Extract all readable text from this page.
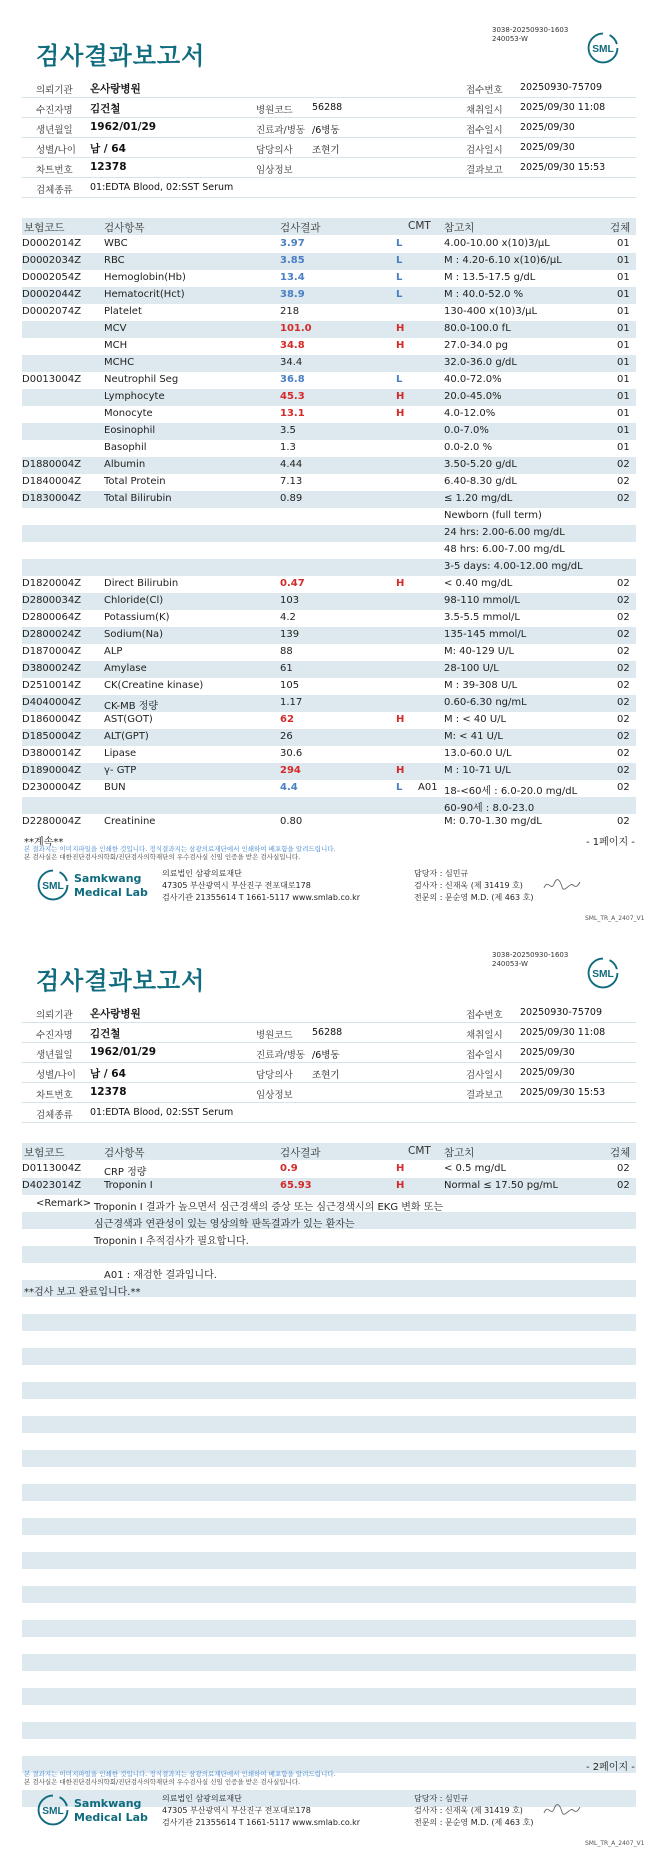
검사결과보고서
3038-20250930-1603
240053-W
SML
의뢰기관 온사랑병원	접수번호 20250930-75709
수진자명 김건철	병원코드 56288	채취일시 2025/09/30 11:08
생년월일 1962/01/29	진료과/병동 /6병동	접수일시 2025/09/30
성별/나이 남 / 64	담당의사 조현기	검사일시 2025/09/30
차트번호 12378	임상정보	결과보고 2025/09/30 15:53
검체종류 01:EDTA Blood, 02:SST Serum
보험코드	검사항목	검사결과	CMT 참고치	검체
D0002014Z WBC	3.97	L	4.00-10.00 x(10)3/μL	01
D0002034Z RBC	3.85	L	M : 4.20-6.10 x(10)6/μL	01
D0002054Z Hemoglobin(Hb)	13.4	L	M : 13.5-17.5 g/dL	01
D0002044Z Hematocrit(Hct)	38.9	L	M : 40.0-52.0 %	01
D0002074Z Platelet	218	130-400 x(10)3/μL	01
MCV	101.0	H	80.0-100.0 fL	01
MCH	34.8	H	27.0-34.0 pg	01
MCHC	34.4	32.0-36.0 g/dL	01
D0013004Z Neutrophil Seg	36.8	L	40.0-72.0%	01
Lymphocyte	45.3	H	20.0-45.0%	01
Monocyte	13.1	H	4.0-12.0%	01
Eosinophil	3.5	0.0-7.0%	01
Basophil	1.3	0.0-2.0 %	01
D1880004Z Albumin	4.44	3.50-5.20 g/dL	02
D1840004Z Total Protein	7.13	6.40-8.30 g/dL	02
D1830004Z Total Bilirubin	0.89	≤ 1.20 mg/dL	02
Newborn (full term)
24 hrs: 2.00-6.00 mg/dL
48 hrs: 6.00-7.00 mg/dL
3-5 days: 4.00-12.00 mg/dL
D1820004Z Direct Bilirubin	0.47	H	< 0.40 mg/dL	02
D2800034Z Chloride(Cl)	103	98-110 mmol/L	02
D2800064Z Potassium(K)	4.2	3.5-5.5 mmol/L	02
D2800024Z Sodium(Na)	139	135-145 mmol/L	02
D1870004Z ALP	88	M: 40-129 U/L	02
D3800024Z Amylase	61	28-100 U/L	02
D2510014Z CK(Creatine kinase)	105	M : 39-308 U/L	02
D4040004Z CK-MB 정량	1.17	0.60-6.30 ng/mL	02
D1860004Z AST(GOT)	62	H	M : < 40 U/L	02
D1850004Z ALT(GPT)	26	M: < 41 U/L	02
D3800014Z Lipase	30.6	13.0-60.0 U/L	02
D1890004Z γ- GTP	294	H	M : 10-71 U/L	02
D2300004Z BUN	4.4	L A01 18-<60세 : 6.0-20.0 mg/dL	02
60-90세 : 8.0-23.0
D2280004Z Creatinine	0.80	M: 0.70-1.30 mg/dL	02
**계속**	- 1페이지 -
본 결과지는 이미지파일을 인쇄한 것입니다. 정식결과지는 삼광의료재단에서 인쇄하여 배포함을 알려드립니다.
본 검사실은 대한진단검사의학회/진단검사의학재단의 우수검사실 신임 인증을 받은 검사실입니다.
SML
Samkwang
Medical Lab
의료법인 삼광의료재단
47305 부산광역시 부산진구 전포대로178
검사기관 21355614 T 1661-5117 www.smlab.co.kr
담당자 : 심민규
검사자 : 신재욱 (제 31419 호)
전문의 : 문순영 M.D. (제 463 호)
SML_TR_A_2407_V1
검사결과보고서
3038-20250930-1603
240053-W
SML
의뢰기관 온사랑병원	접수번호 20250930-75709
수진자명 김건철	병원코드 56288	채취일시 2025/09/30 11:08
생년월일 1962/01/29	진료과/병동 /6병동	접수일시 2025/09/30
성별/나이 남 / 64	담당의사 조현기	검사일시 2025/09/30
차트번호 12378	임상정보	결과보고 2025/09/30 15:53
검체종류 01:EDTA Blood, 02:SST Serum
보험코드	검사항목	검사결과	CMT 참고치	검체
D0113004Z CRP 정량	0.9	H	< 0.5 mg/dL	02
D4023014Z Troponin I	65.93	H	Normal ≤ 17.50 pg/mL	02
<Remark> Troponin I 결과가 높으면서 심근경색의 증상 또는 심근경색시의 EKG 변화 또는
심근경색과 연관성이 있는 영상의학 판독결과가 있는 환자는
Troponin I 추적검사가 필요합니다.
A01 : 재검한 결과입니다.
**검사 보고 완료입니다.**
- 2페이지 -
본 결과지는 이미지파일을 인쇄한 것입니다. 정식결과지는 삼광의료재단에서 인쇄하여 배포함을 알려드립니다.
본 검사실은 대한진단검사의학회/진단검사의학재단의 우수검사실 신임 인증을 받은 검사실입니다.
SML
Samkwang
Medical Lab
의료법인 삼광의료재단
47305 부산광역시 부산진구 전포대로178
검사기관 21355614 T 1661-5117 www.smlab.co.kr
담당자 : 심민규
검사자 : 신재욱 (제 31419 호)
전문의 : 문순영 M.D. (제 463 호)
SML_TR_A_2407_V1
